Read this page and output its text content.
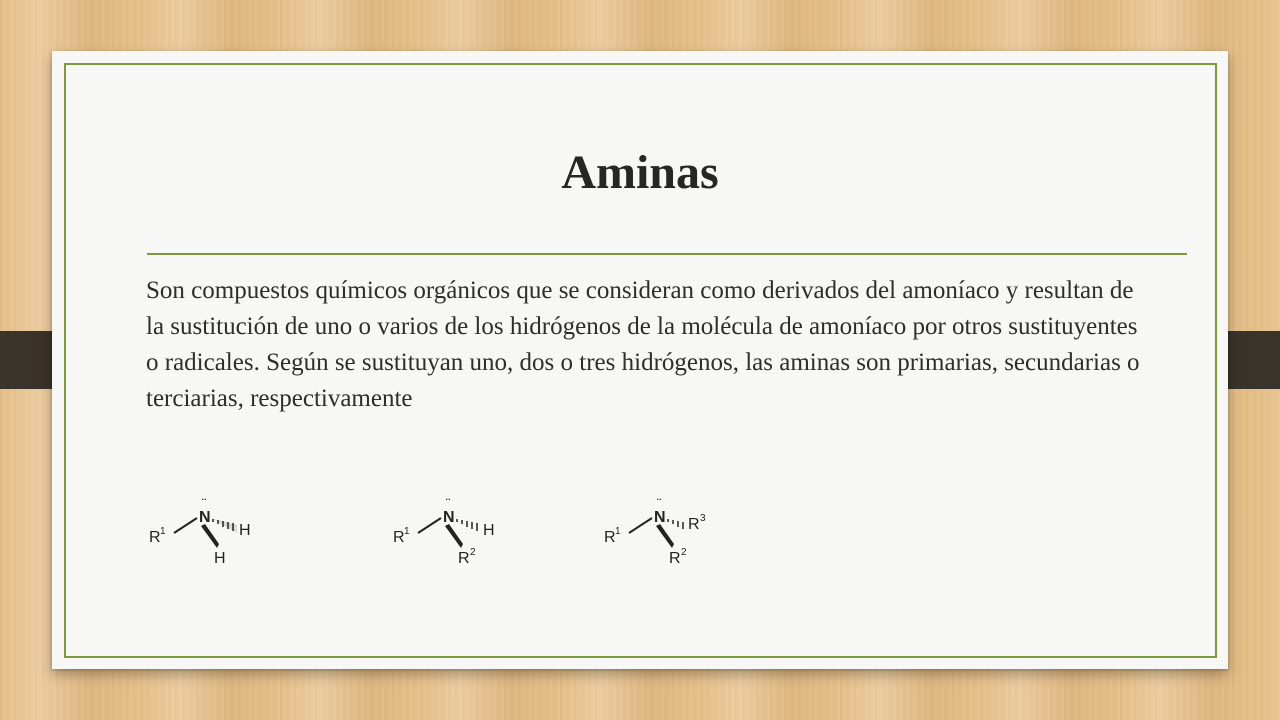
Aminas
Son compuestos químicos orgánicos que se consideran como derivados del amoníaco y resultan de la sustitución de uno o varios de los hidrógenos de la molécula de amoníaco por otros sustituyentes o radicales. Según se sustituyan uno, dos o tres hidrógenos, las aminas son primarias, secundarias o terciarias, respectivamente
N
¨
R 1	H
H
N
¨
R 1	H
R 2
N
¨
R 1	R 3
R 2
